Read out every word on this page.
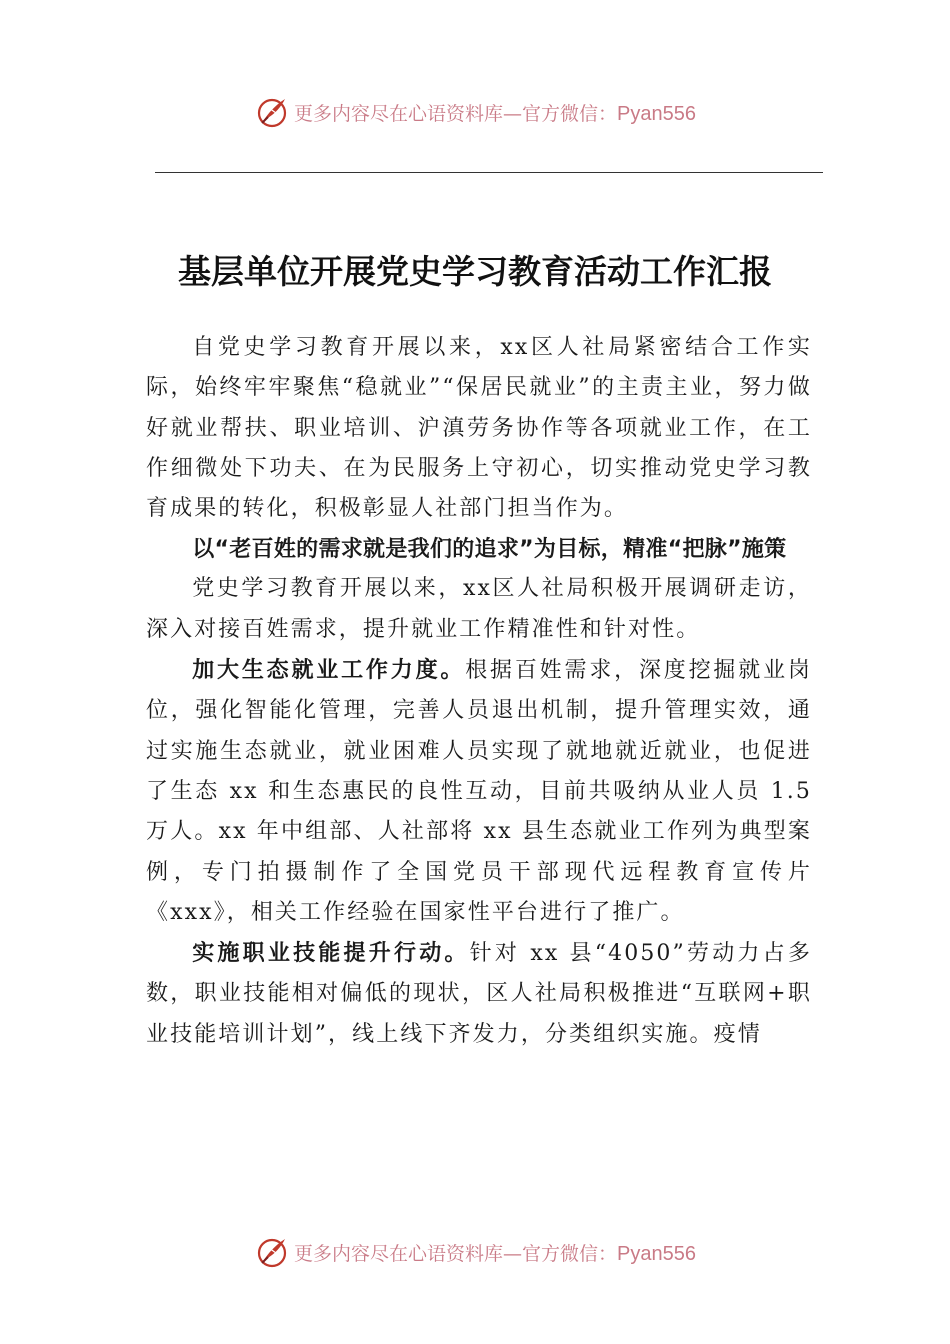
更多内容尽在心语资料库—官方微信：Pyan556
基层单位开展党史学习教育活动工作汇报

自党史学习教育开展以来，xx区人社局紧密结合工作实际，始终牢牢聚焦“稳就业”“保居民就业”的主责主业，努力做好就业帮扶、职业培训、沪滇劳务协作等各项就业工作，在工作细微处下功夫、在为民服务上守初心，切实推动党史学习教育成果的转化，积极彰显人社部门担当作为。

以“老百姓的需求就是我们的追求”为目标，精准“把脉”施策

党史学习教育开展以来，xx区人社局积极开展调研走访，深入对接百姓需求，提升就业工作精准性和针对性。

加大生态就业工作力度。根据百姓需求，深度挖掘就业岗位，强化智能化管理，完善人员退出机制，提升管理实效，通过实施生态就业，就业困难人员实现了就地就近就业，也促进了生态 xx 和生态惠民的良性互动，目前共吸纳从业人员 1.5 万人。xx 年中组部、人社部将 xx 县生态就业工作列为典型案例，专门拍摄制作了全国党员干部现代远程教育宣传片《xxx》，相关工作经验在国家性平台进行了推广。

实施职业技能提升行动。针对 xx 县“4050”劳动力占多数，职业技能相对偏低的现状，区人社局积极推进“互联网+职业技能培训计划”，线上线下齐发力，分类组织实施。疫情

更多内容尽在心语资料库—官方微信：Pyan556
